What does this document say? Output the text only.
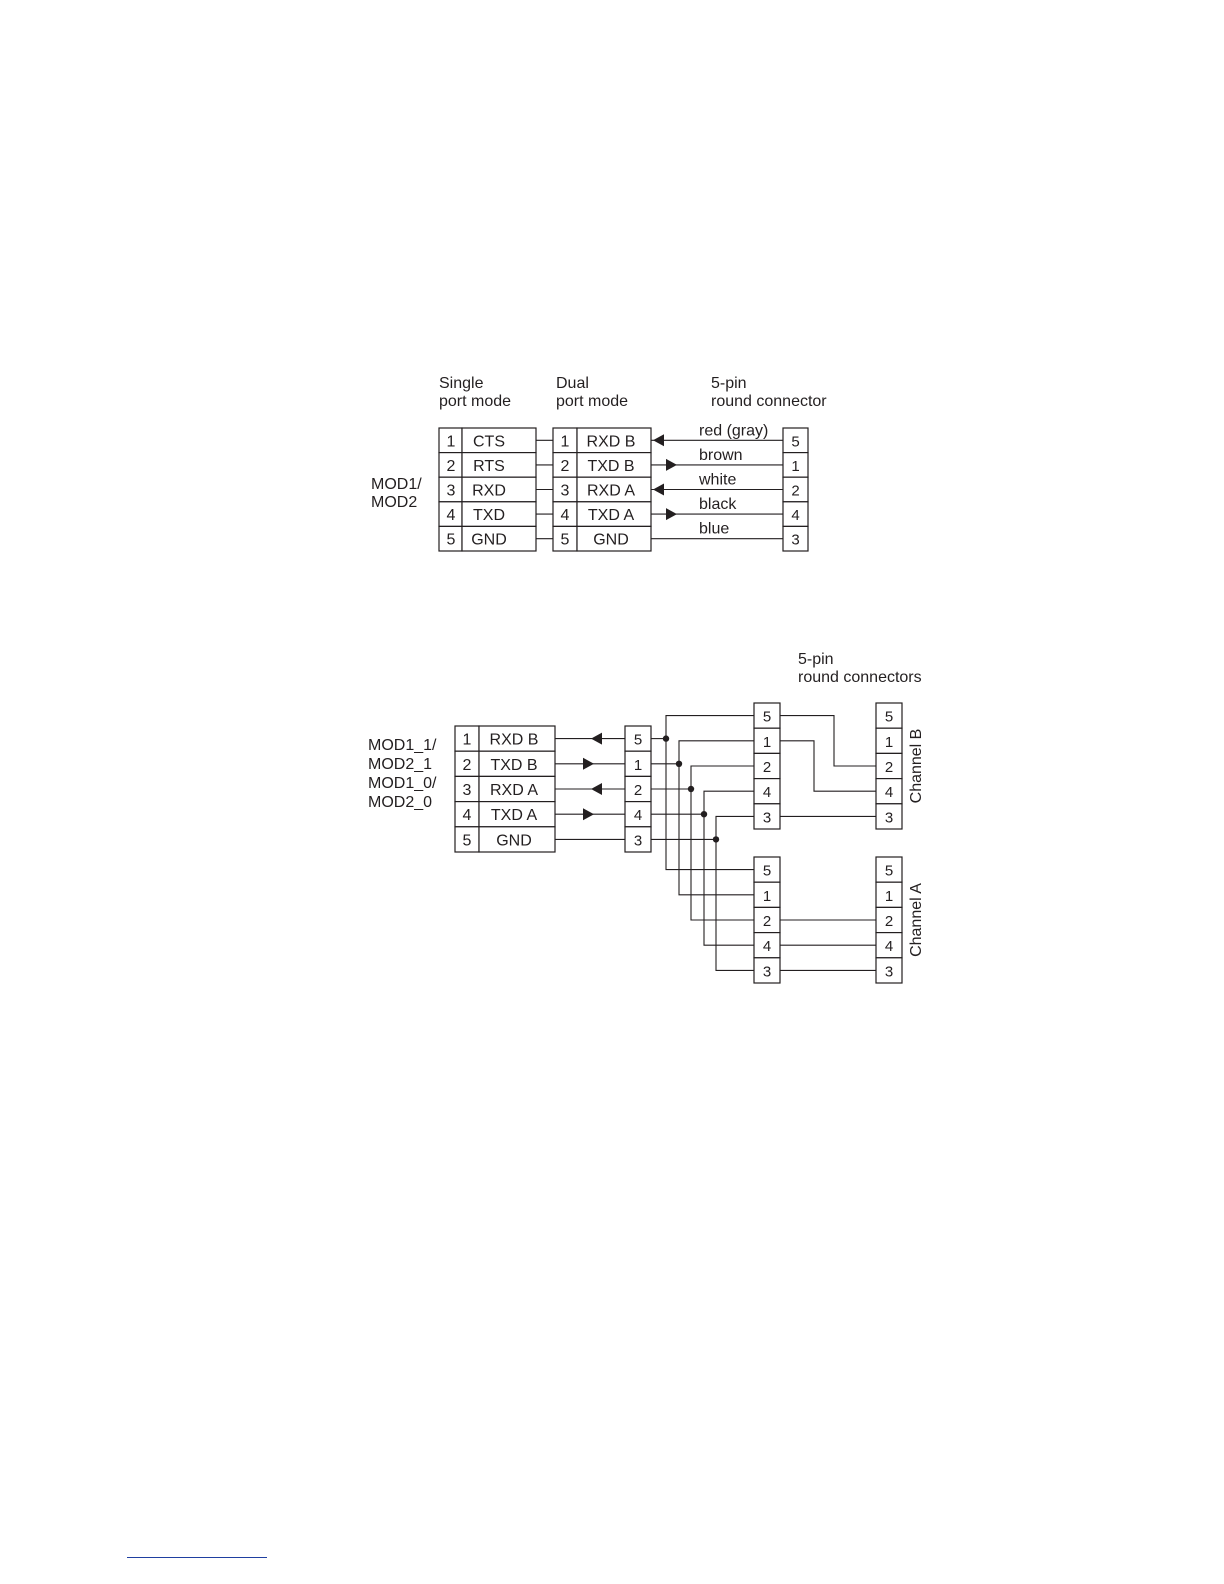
Single
port mode
Dual
port mode
5-pin
round connector
MOD1/
MOD2
1 CTS
2 RTS
3 RXD
4 TXD
5 GND
1 RXD B
2 TXD B
3 RXD A
4 TXD A
5 GND
5
1
2
4
3
red (gray)
brown
white
black
blue
5-pin
round connectors
MOD1_1/
MOD2_1
MOD1_0/
MOD2_0
1 RXD B
2 TXD B
3 RXD A
4 TXD A
5 GND
5
1
2
4
3
5
5
1
1
2
2
4
4
3
3
5
1
2
4
3
5
1
2
4
3
Channel B
Channel A
